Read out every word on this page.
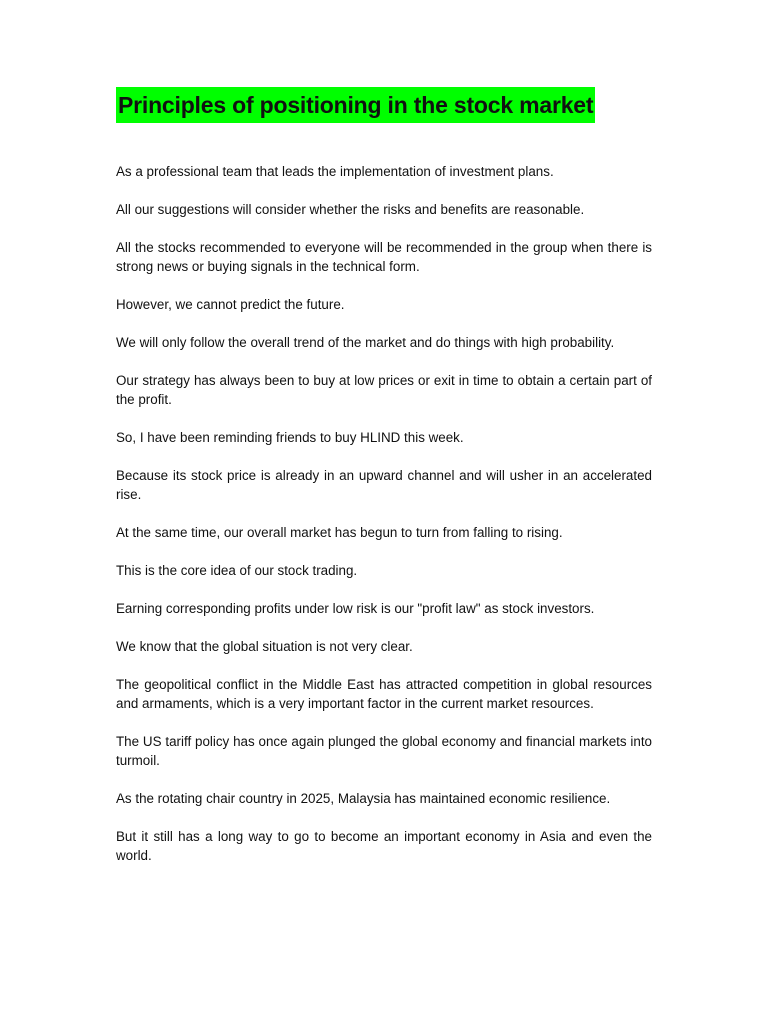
Principles of positioning in the stock market

As a professional team that leads the implementation of investment plans.

All our suggestions will consider whether the risks and benefits are reasonable.

All the stocks recommended to everyone will be recommended in the group when there is strong news or buying signals in the technical form.

However, we cannot predict the future.

We will only follow the overall trend of the market and do things with high probability.

Our strategy has always been to buy at low prices or exit in time to obtain a certain part of the profit.

So, I have been reminding friends to buy HLIND this week.

Because its stock price is already in an upward channel and will usher in an accelerated rise.

At the same time, our overall market has begun to turn from falling to rising.

This is the core idea of our stock trading.

Earning corresponding profits under low risk is our "profit law" as stock investors.

We know that the global situation is not very clear.

The geopolitical conflict in the Middle East has attracted competition in global resources and armaments, which is a very important factor in the current market resources.

The US tariff policy has once again plunged the global economy and financial markets into turmoil.

As the rotating chair country in 2025, Malaysia has maintained economic resilience.

But it still has a long way to go to become an important economy in Asia and even the world.
